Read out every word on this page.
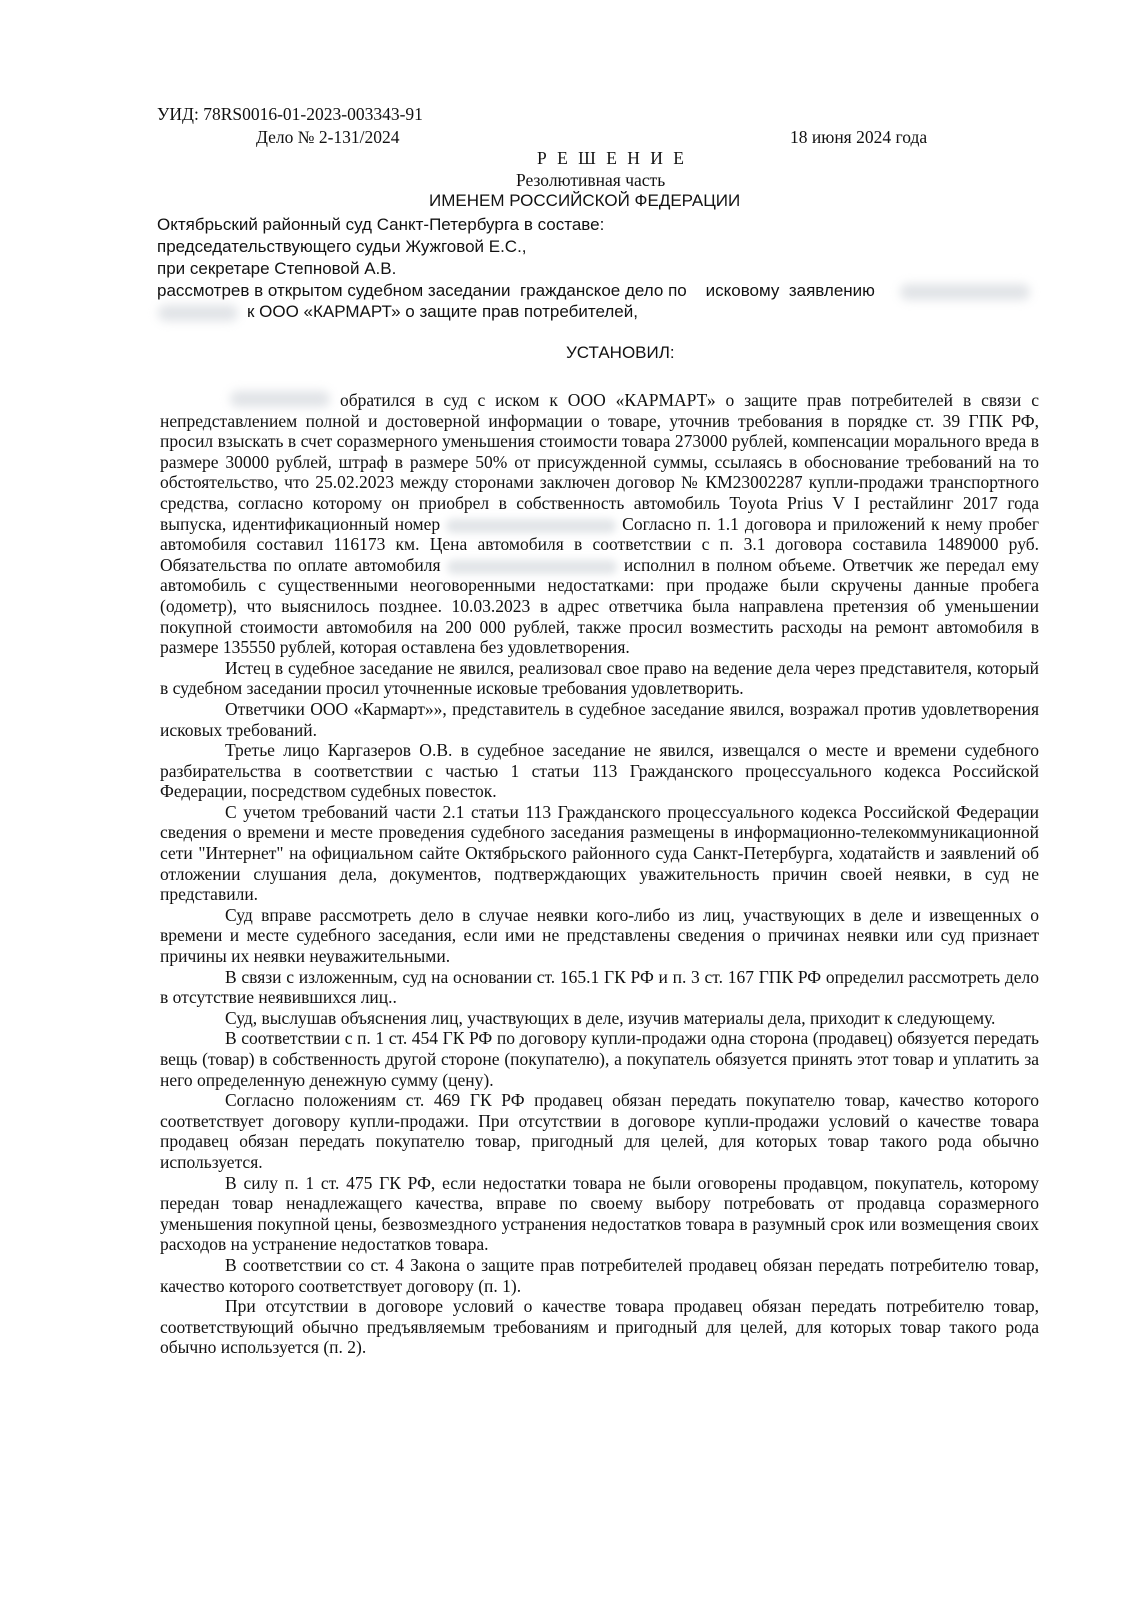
УИД: 78RS0016-01-2023-003343-91
Дело № 2-131/2024	18 июня 2024 года
Р Е Ш Е Н И Е
Резолютивная часть
ИМЕНЕМ РОССИЙСКОЙ ФЕДЕРАЦИИ
Октябрьский районный суд Санкт-Петербурга в составе:
председательствующего судьи Жужговой Е.С.,
при секретаре Степновой А.В.
рассмотрев в открытом судебном заседании  гражданское дело по    исковому  заявлению
к ООО «КАРМАРТ» о защите прав потребителей,
УСТАНОВИЛ:

обратился в суд с иском к ООО «КАРМАРТ» о защите прав потребителей в связи с непредставлением полной и достоверной информации о товаре, уточнив требования в порядке ст. 39 ГПК РФ, просил взыскать в счет соразмерного уменьшения стоимости товара 273000 рублей, компенсации морального вреда в размере 30000 рублей, штраф в размере 50% от присужденной суммы, ссылаясь в обоснование требований на то обстоятельство, что 25.02.2023 между сторонами заключен договор № КМ23002287 купли-продажи транспортного средства, согласно которому он приобрел в собственность автомобиль Toyota Prius V I рестайлинг 2017 года выпуска, идентификационный номер	Согласно п. 1.1 договора и приложений к нему пробег автомобиля составил 116173 км. Цена автомобиля в соответствии с п. 3.1 договора составила 1489000 руб. Обязательства по оплате автомобиля	исполнил в полном объеме. Ответчик же передал ему автомобиль с существенными неоговоренными недостатками: при продаже были скручены данные пробега (одометр), что выяснилось позднее. 10.03.2023 в адрес ответчика была направлена претензия об уменьшении покупной стоимости автомобиля на 200 000 рублей, также просил возместить расходы на ремонт автомобиля в размере 135550 рублей, которая оставлена без удовлетворения.

Истец в судебное заседание не явился, реализовал свое право на ведение дела через представителя, который в судебном заседании просил уточненные исковые требования удовлетворить.

Ответчики ООО «Кармарт»», представитель в судебное заседание явился, возражал против удовлетворения исковых требований.

Третье лицо Каргазеров О.В. в судебное заседание не явился, извещался о месте и времени судебного разбирательства в соответствии с частью 1 статьи 113 Гражданского процессуального кодекса Российской Федерации, посредством судебных повесток.

С учетом требований части 2.1 статьи 113 Гражданского процессуального кодекса Российской Федерации сведения о времени и месте проведения судебного заседания размещены в информационно-телекоммуникационной сети "Интернет" на официальном сайте Октябрьского районного суда Санкт-Петербурга, ходатайств и заявлений об отложении слушания дела, документов, подтверждающих уважительность причин своей неявки, в суд не представили.

Суд вправе рассмотреть дело в случае неявки кого-либо из лиц, участвующих в деле и извещенных о времени и месте судебного заседания, если ими не представлены сведения о причинах неявки или суд признает причины их неявки неуважительными.

В связи с изложенным, суд на основании ст. 165.1 ГК РФ и п. 3 ст. 167 ГПК РФ определил рассмотреть дело в отсутствие неявившихся лиц..

Суд, выслушав объяснения лиц, участвующих в деле, изучив материалы дела, приходит к следующему.

В соответствии с п. 1 ст. 454 ГК РФ по договору купли-продажи одна сторона (продавец) обязуется передать вещь (товар) в собственность другой стороне (покупателю), а покупатель обязуется принять этот товар и уплатить за него определенную денежную сумму (цену).

Согласно положениям ст. 469 ГК РФ продавец обязан передать покупателю товар, качество которого соответствует договору купли-продажи. При отсутствии в договоре купли-продажи условий о качестве товара продавец обязан передать покупателю товар, пригодный для целей, для которых товар такого рода обычно используется.

В силу п. 1 ст. 475 ГК РФ, если недостатки товара не были оговорены продавцом, покупатель, которому передан товар ненадлежащего качества, вправе по своему выбору потребовать от продавца соразмерного уменьшения покупной цены, безвозмездного устранения недостатков товара в разумный срок или возмещения своих расходов на устранение недостатков товара.

В соответствии со ст. 4 Закона о защите прав потребителей продавец обязан передать потребителю товар, качество которого соответствует договору (п. 1).

При отсутствии в договоре условий о качестве товара продавец обязан передать потребителю товар, соответствующий обычно предъявляемым требованиям и пригодный для целей, для которых товар такого рода обычно используется (п. 2).
